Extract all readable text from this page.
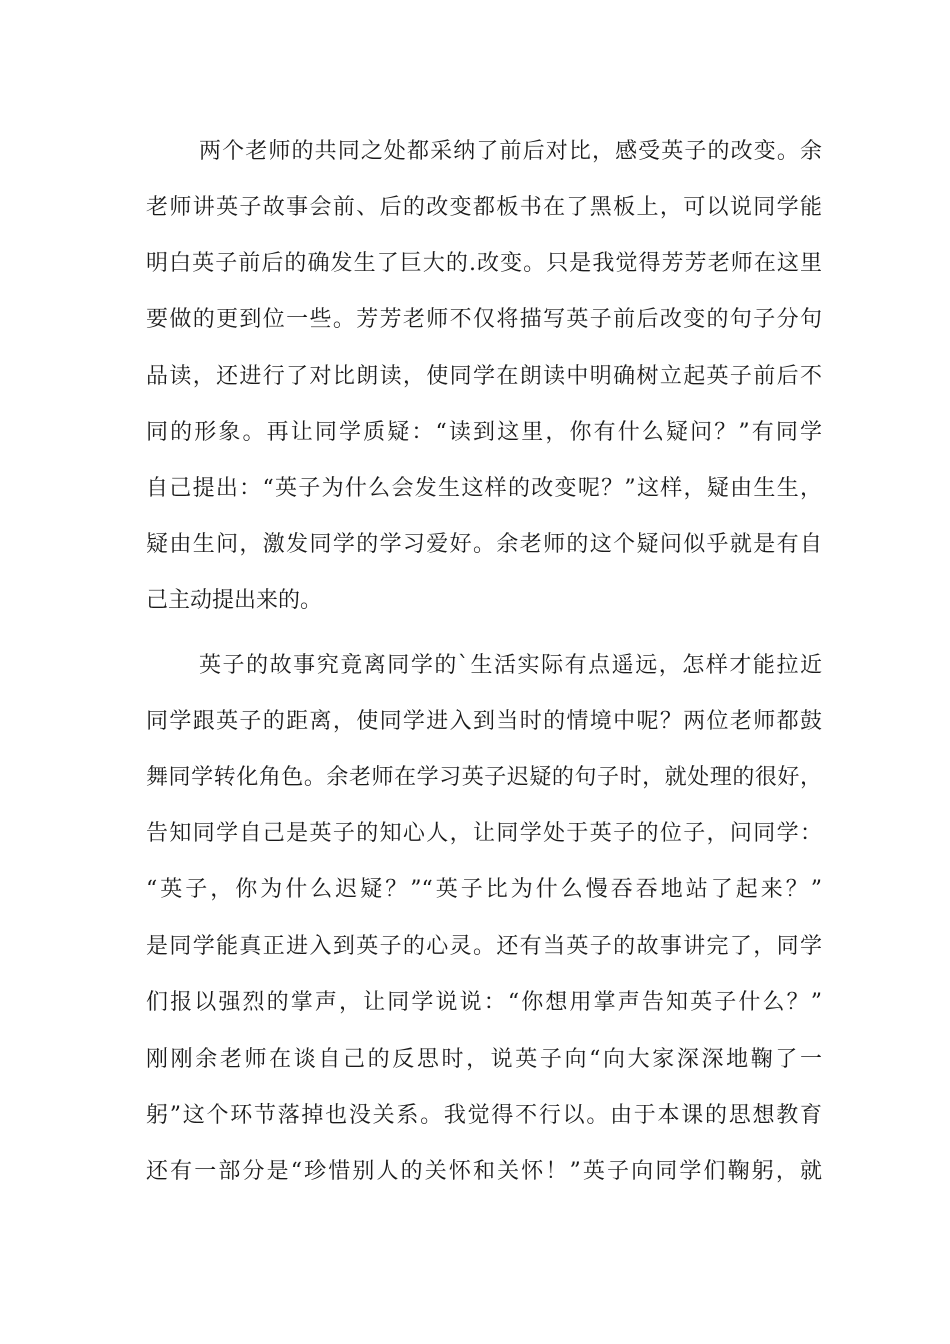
两个老师的共同之处都采纳了前后对比，感受英子的改变。余
老师讲英子故事会前、后的改变都板书在了黑板上，可以说同学能
明白英子前后的确发生了巨大的.改变。只是我觉得芳芳老师在这里
要做的更到位一些。芳芳老师不仅将描写英子前后改变的句子分句
品读，还进行了对比朗读，使同学在朗读中明确树立起英子前后不
同的形象。再让同学质疑：“读到这里，你有什么疑问？”有同学
自己提出：“英子为什么会发生这样的改变呢？”这样，疑由生生，
疑由生问，激发同学的学习爱好。余老师的这个疑问似乎就是有自
己主动提出来的。
英子的故事究竟离同学的`生活实际有点遥远，怎样才能拉近
同学跟英子的距离，使同学进入到当时的情境中呢？两位老师都鼓
舞同学转化角色。余老师在学习英子迟疑的句子时，就处理的很好，
告知同学自己是英子的知心人，让同学处于英子的位子，问同学：
“英子，你为什么迟疑？”“英子比为什么慢吞吞地站了起来？”
是同学能真正进入到英子的心灵。还有当英子的故事讲完了，同学
们报以强烈的掌声，让同学说说：“你想用掌声告知英子什么？”
刚刚余老师在谈自己的反思时，说英子向“向大家深深地鞠了一
躬”这个环节落掉也没关系。我觉得不行以。由于本课的思想教育
还有一部分是“珍惜别人的关怀和关怀！”英子向同学们鞠躬，就
